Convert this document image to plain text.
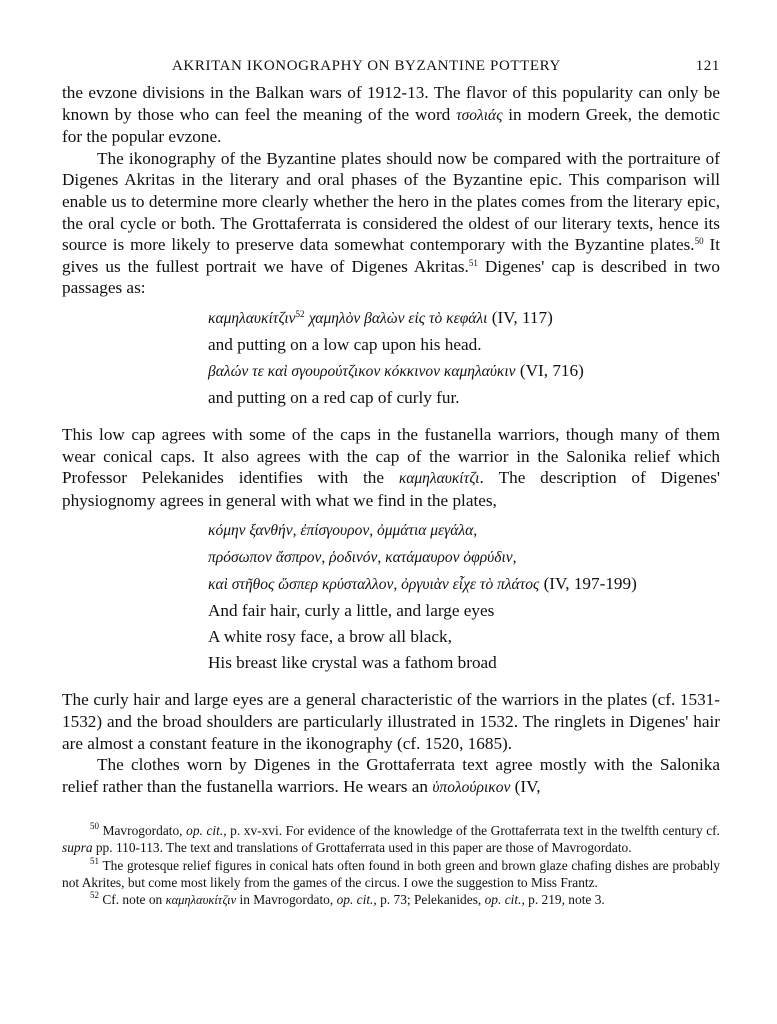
AKRITAN IKONOGRAPHY ON BYZANTINE POTTERY	121

the evzone divisions in the Balkan wars of 1912-13. The flavor of this popularity can only be known by those who can feel the meaning of the word τσολιάς in modern Greek, the demotic for the popular evzone.

The ikonography of the Byzantine plates should now be compared with the portraiture of Digenes Akritas in the literary and oral phases of the Byzantine epic. This comparison will enable us to determine more clearly whether the hero in the plates comes from the literary epic, the oral cycle or both. The Grottaferrata is considered the oldest of our literary texts, hence its source is more likely to preserve data somewhat contemporary with the Byzantine plates.$^{50}$ It gives us the fullest portrait we have of Digenes Akritas.$^{51}$ Digenes' cap is described in two passages as:

καμηλαυκίτζιν$^{52}$ χαμηλὸν βαλὼν εἰς τὸ κεφάλι (IV, 117)
and putting on a low cap upon his head.
βαλών τε καὶ σγουρούτζικον κόκκινον καμηλαύκιν (VI, 716)
and putting on a red cap of curly fur.

This low cap agrees with some of the caps in the fustanella warriors, though many of them wear conical caps. It also agrees with the cap of the warrior in the Salonika relief which Professor Pelekanides identifies with the καμηλαυκίτζι. The description of Digenes' physiognomy agrees in general with what we find in the plates,

κόμην ξανθήν, ἐπίσγουρον, ὀμμάτια μεγάλα,
πρόσωπον ἄσπρον, ῥοδινόν, κατάμαυρον ὀφρύδιν,
καὶ στῆθος ὥσπερ κρύσταλλον, ὀργυιὰν εἶχε τὸ πλάτος (IV, 197-199)
And fair hair, curly a little, and large eyes
A white rosy face, a brow all black,
His breast like crystal was a fathom broad

The curly hair and large eyes are a general characteristic of the warriors in the plates (cf. 1531-1532) and the broad shoulders are particularly illustrated in 1532. The ringlets in Digenes' hair are almost a constant feature in the ikonography (cf. 1520, 1685).

The clothes worn by Digenes in the Grottaferrata text agree mostly with the Salonika relief rather than the fustanella warriors. He wears an ὑπολούρικον (IV,

$^{50}$ Mavrogordato, op. cit., p. xv-xvi. For evidence of the knowledge of the Grottaferrata text in the twelfth century cf. supra pp. 110-113. The text and translations of Grottaferrata used in this paper are those of Mavrogordato.

$^{51}$ The grotesque relief figures in conical hats often found in both green and brown glaze chafing dishes are probably not Akrites, but come most likely from the games of the circus. I owe the suggestion to Miss Frantz.

$^{52}$ Cf. note on καμηλαυκίτζιν in Mavrogordato, op. cit., p. 73; Pelekanides, op. cit., p. 219, note 3.
